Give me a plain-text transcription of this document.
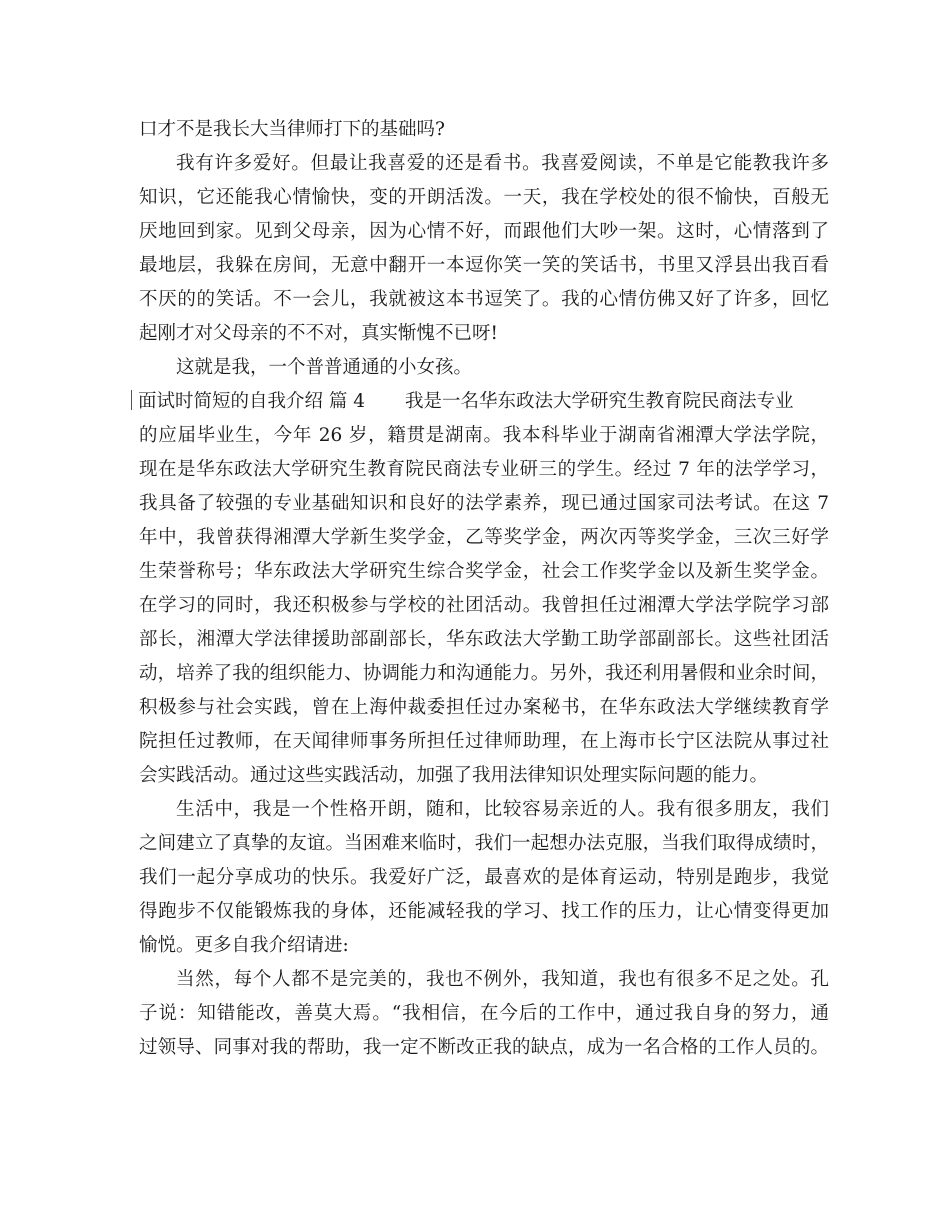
口才不是我长大当律师打下的基础吗?
我有许多爱好。但最让我喜爱的还是看书。我喜爱阅读，不单是它能教我许多
知识，它还能我心情愉快，变的开朗活泼。一天，我在学校处的很不愉快，百般无
厌地回到家。见到父母亲，因为心情不好，而跟他们大吵一架。这时，心情落到了
最地层，我躲在房间，无意中翻开一本逗你笑一笑的笑话书，书里又浮县出我百看
不厌的的笑话。不一会儿，我就被这本书逗笑了。我的心情仿佛又好了许多，回忆
起刚才对父母亲的不不对，真实惭愧不已呀!
这就是我，一个普普通通的小女孩。
面试时简短的自我介绍 篇 4 我是一名华东政法大学研究生教育院民商法专业
的应届毕业生，今年 26 岁，籍贯是湖南。我本科毕业于湖南省湘潭大学法学院，
现在是华东政法大学研究生教育院民商法专业研三的学生。经过 7 年的法学学习，
我具备了较强的专业基础知识和良好的法学素养，现已通过国家司法考试。在这 7
年中，我曾获得湘潭大学新生奖学金，乙等奖学金，两次丙等奖学金，三次三好学
生荣誉称号；华东政法大学研究生综合奖学金，社会工作奖学金以及新生奖学金。
在学习的同时，我还积极参与学校的社团活动。我曾担任过湘潭大学法学院学习部
部长，湘潭大学法律援助部副部长，华东政法大学勤工助学部副部长。这些社团活
动，培养了我的组织能力、协调能力和沟通能力。另外，我还利用暑假和业余时间，
积极参与社会实践，曾在上海仲裁委担任过办案秘书，在华东政法大学继续教育学
院担任过教师，在天闻律师事务所担任过律师助理，在上海市长宁区法院从事过社
会实践活动。通过这些实践活动，加强了我用法律知识处理实际问题的能力。
生活中，我是一个性格开朗，随和，比较容易亲近的人。我有很多朋友，我们
之间建立了真挚的友谊。当困难来临时，我们一起想办法克服，当我们取得成绩时，
我们一起分享成功的快乐。我爱好广泛，最喜欢的是体育运动，特别是跑步，我觉
得跑步不仅能锻炼我的身体，还能减轻我的学习、找工作的压力，让心情变得更加
愉悦。更多自我介绍请进:
当然，每个人都不是完美的，我也不例外，我知道，我也有很多不足之处。孔
子说：知错能改，善莫大焉。“我相信，在今后的工作中，通过我自身的努力，通
过领导、同事对我的帮助，我一定不断改正我的缺点，成为一名合格的工作人员的。
